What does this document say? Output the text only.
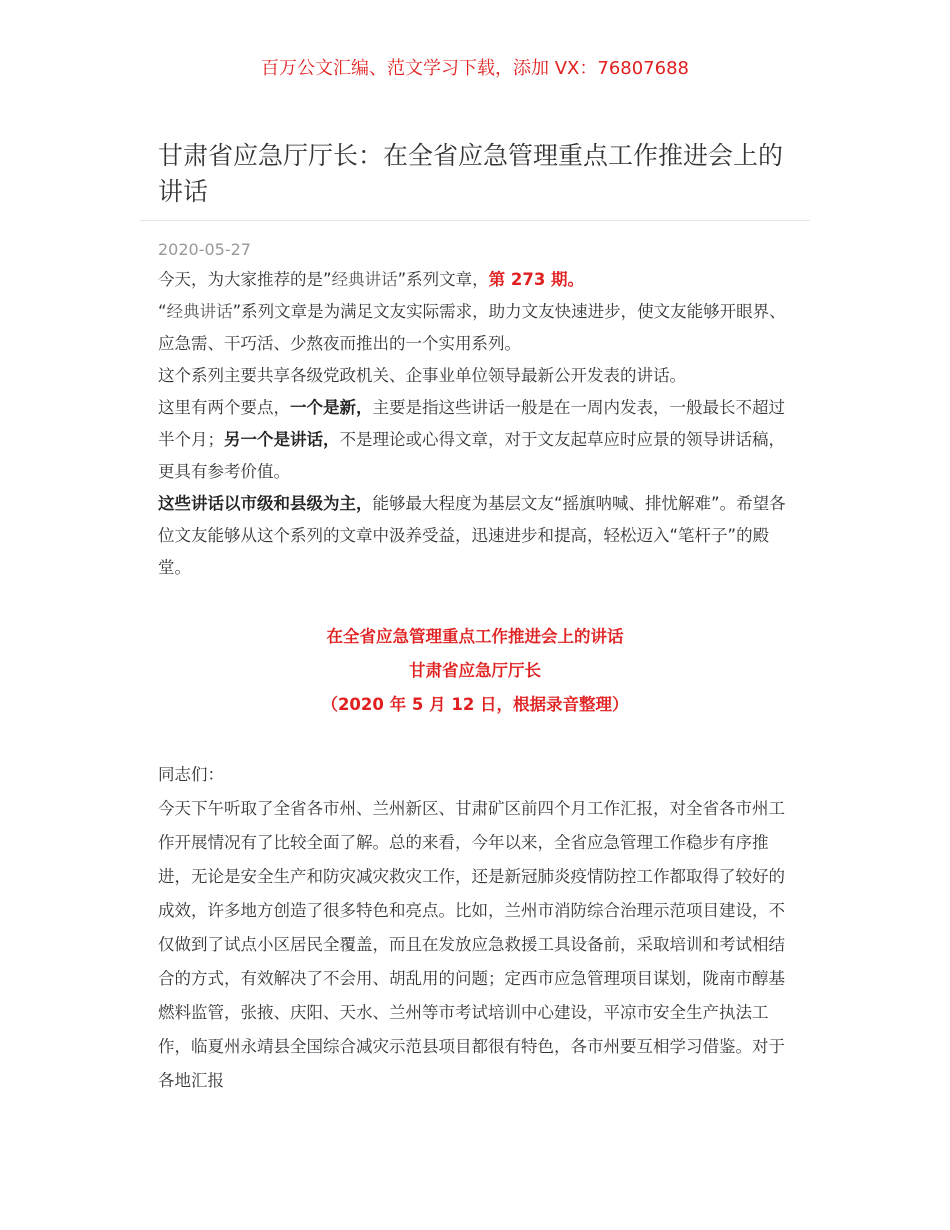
百万公文汇编、范文学习下载，添加 VX：76807688
甘肃省应急厅厅长：在全省应急管理重点工作推进会上的讲话
2020-05-27

今天，为大家推荐的是”经典讲话”系列文章，第 273 期。

“经典讲话”系列文章是为满足文友实际需求，助力文友快速进步，使文友能够开眼界、应急需、干巧活、少熬夜而推出的一个实用系列。

这个系列主要共享各级党政机关、企事业单位领导最新公开发表的讲话。

这里有两个要点，一个是新，主要是指这些讲话一般是在一周内发表，一般最长不超过半个月；另一个是讲话，不是理论或心得文章，对于文友起草应时应景的领导讲话稿，更具有参考价值。

这些讲话以市级和县级为主，能够最大程度为基层文友“摇旗呐喊、排忧解难”。希望各位文友能够从这个系列的文章中汲养受益，迅速进步和提高，轻松迈入“笔杆子”的殿堂。

在全省应急管理重点工作推进会上的讲话
甘肃省应急厅厅长
（2020 年 5 月 12 日，根据录音整理）

同志们：

今天下午听取了全省各市州、兰州新区、甘肃矿区前四个月工作汇报，对全省各市州工作开展情况有了比较全面了解。总的来看，今年以来，全省应急管理工作稳步有序推进，无论是安全生产和防灾减灾救灾工作，还是新冠肺炎疫情防控工作都取得了较好的成效，许多地方创造了很多特色和亮点。比如，兰州市消防综合治理示范项目建设，不仅做到了试点小区居民全覆盖，而且在发放应急救援工具设备前，采取培训和考试相结合的方式，有效解决了不会用、胡乱用的问题；定西市应急管理项目谋划，陇南市醇基燃料监管，张掖、庆阳、天水、兰州等市考试培训中心建设，平凉市安全生产执法工作，临夏州永靖县全国综合减灾示范县项目都很有特色，各市州要互相学习借鉴。对于各地汇报
